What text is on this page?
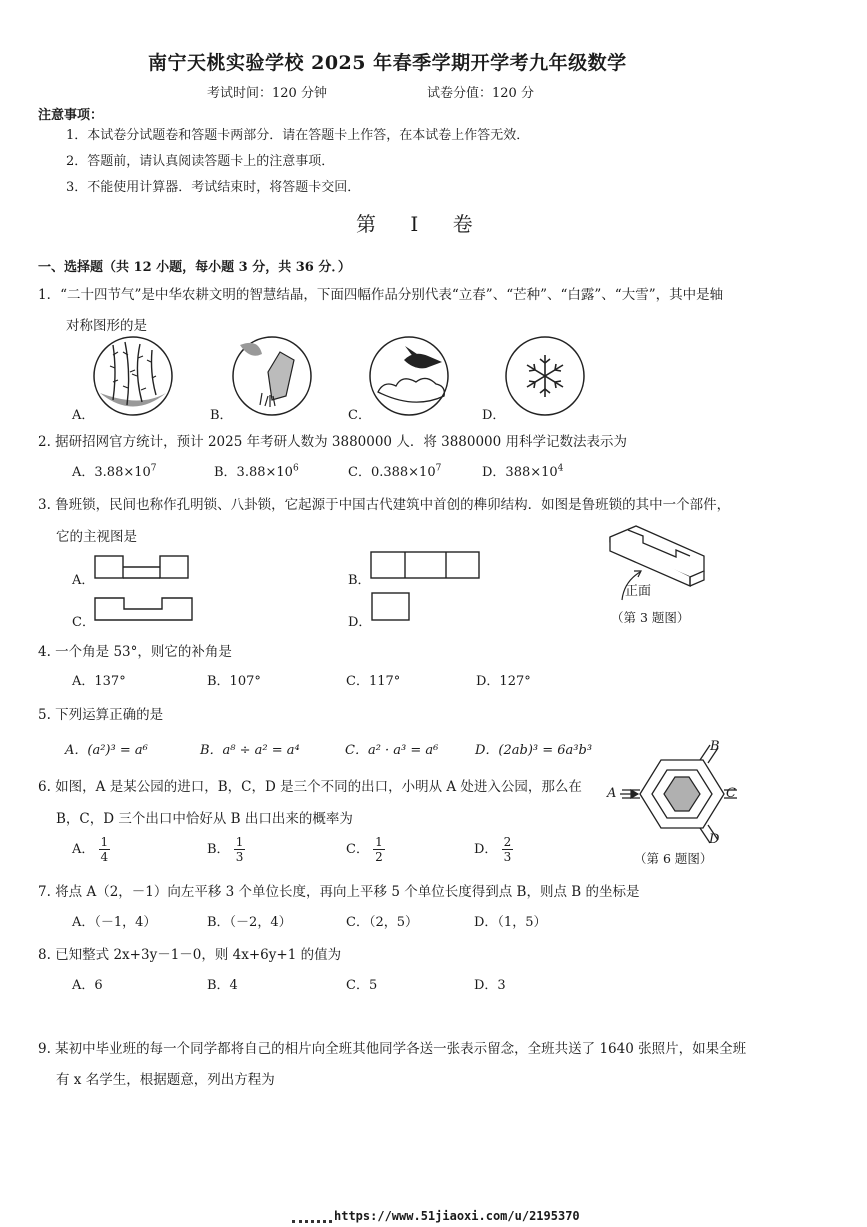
南宁天桃实验学校 2025 年春季学期开学考九年级数学
考试时间：120 分钟	试卷分值：120 分
注意事项：
1．本试卷分试题卷和答题卡两部分．请在答题卡上作答，在本试卷上作答无效．
2．答题前，请认真阅读答题卡上的注意事项．
3．不能使用计算器．考试结束时，将答题卡交回．
第 I 卷
一、选择题（共 12 小题，每小题 3 分，共 36 分．）
1．“二十四节气”是中华农耕文明的智慧结晶，下面四幅作品分别代表“立春”、“芒种”、“白露”、“大雪”，其中是轴
对称图形的是
A．	B．	C．	D．
2. 据研招网官方统计，预计 2025 年考研人数为 3880000 人．将 3880000 用科学记数法表示为
A．$3.88\times 10^7$	B．$3.88\times 10^6$	C．$0.388\times 10^7$	D．$388\times 10^4$
3. 鲁班锁，民间也称作孔明锁、八卦锁，它起源于中国古代建筑中首创的榫卯结构．如图是鲁班锁的其中一个部件，
它的主视图是
A．	B．
C．	D．
正面
（第 3 题图）
4. 一个角是 53°，则它的补角是
A．137°	B．107°	C．117°	D．127°
5. 下列运算正确的是
A．(a²)³ = a⁶	B．a⁸ ÷ a² = a⁴	C．a² · a³ = a⁶	D．(2ab)³ = 6a³b³
6. 如图，A 是某公园的进口，B，C，D 是三个不同的出口，小明从 A 处进入公园，那么在
B，C，D 三个出口中恰好从 B 出口出来的概率为
A． $\frac{1}{4}$	B． $\frac{1}{3}$	C． $\frac{1}{2}$	D． $\frac{2}{3}$
A
B
C
D
（第 6 题图）
7. 将点 A（2，－1）向左平移 3 个单位长度，再向上平移 5 个单位长度得到点 B，则点 B 的坐标是
A．（－1，4）	B．（－2，4）	C．（2，5）	D．（1，5）
8. 已知整式 2x+3y－1－0，则 4x+6y+1 的值为
A．6	B．4	C．5	D．3
9. 某初中毕业班的每一个同学都将自己的相片向全班其他同学各送一张表示留念，全班共送了 1640 张照片，如果全班
有 x 名学生，根据题意，列出方程为
https://www.51jiaoxi.com/u/2195370
